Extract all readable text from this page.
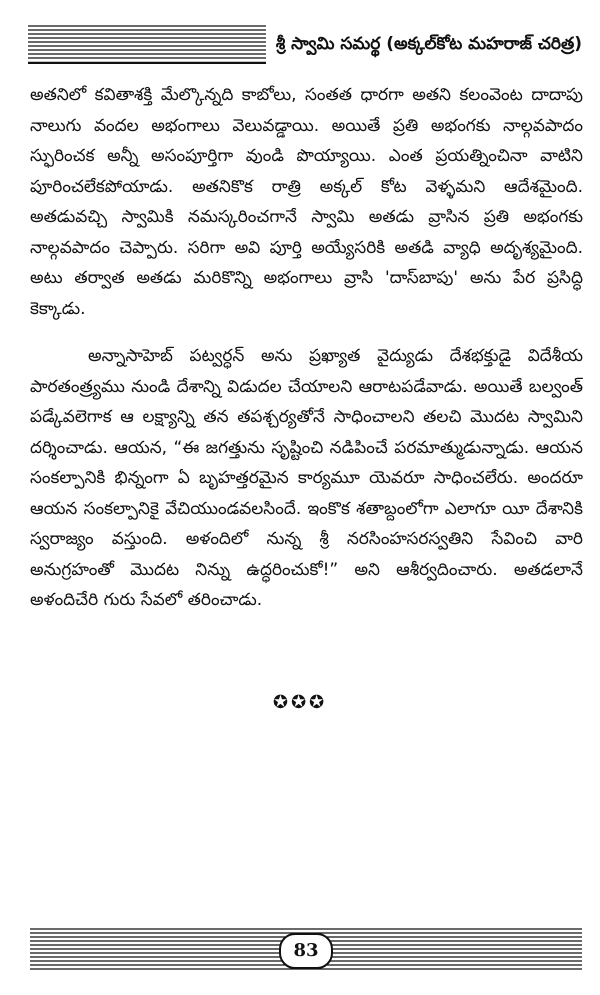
శ్రీ స్వామి సమర్థ (అక్కల్‌కోట మహరాజ్ చరిత్ర)

అతనిలో కవితాశక్తి మేల్కొన్నది కాబోలు, సంతత ధారగా అతని కలంవెంట దాదాపు నాలుగు వందల అభంగాలు వెలువడ్డాయి. అయితే ప్రతి అభంగకు నాల్గవపాదం స్ఫురించక అన్నీ అసంపూర్తిగా వుండి పొయ్యాయి. ఎంత ప్రయత్నించినా వాటిని పూరించలేకపోయాడు. అతనికొక రాత్రి అక్కల్ కోట వెళ్ళమని ఆదేశమైంది. అతడువచ్చి స్వామికి నమస్కరించగానే స్వామి అతడు వ్రాసిన ప్రతి అభంగకు నాల్గవపాదం చెప్పారు. సరిగా అవి పూర్తి అయ్యేసరికి అతడి వ్యాధి అదృశ్యమైంది. అటు తర్వాత అతడు మరికొన్ని అభంగాలు వ్రాసి 'దాస్‌బాపు' అను పేర ప్రసిద్ధి కెక్కాడు.

అన్నాసాహెబ్ పట్వర్ధన్ అను ప్రఖ్యాత వైద్యుడు దేశభక్తుడై విదేశీయ పారతంత్ర్యము నుండి దేశాన్ని విడుదల చేయాలని ఆరాటపడేవాడు. అయితే బల్వంత్ పడ్కేవలెగాక ఆ లక్ష్యాన్ని తన తపశ్చర్యతోనే సాధించాలని తలచి మొదట స్వామిని దర్శించాడు. ఆయన, “ఈ జగత్తును సృష్టించి నడిపించే పరమాత్ముడున్నాడు. ఆయన సంకల్పానికి భిన్నంగా ఏ బృహత్తరమైన కార్యమూ యెవరూ సాధించలేరు. అందరూ ఆయన సంకల్పానికై వేచియుండవలసిందే. ఇంకొక శతాబ్దంలోగా ఎలాగూ యీ దేశానికి స్వరాజ్యం వస్తుంది. అళందిలో నున్న శ్రీ నరసింహసరస్వతిని సేవించి వారి అనుగ్రహంతో మొదట నిన్ను ఉద్ధరించుకో!” అని ఆశీర్వదించారు. అతడలానే అళందిచేరి గురు సేవలో తరించాడు.

✪✪✪
83
